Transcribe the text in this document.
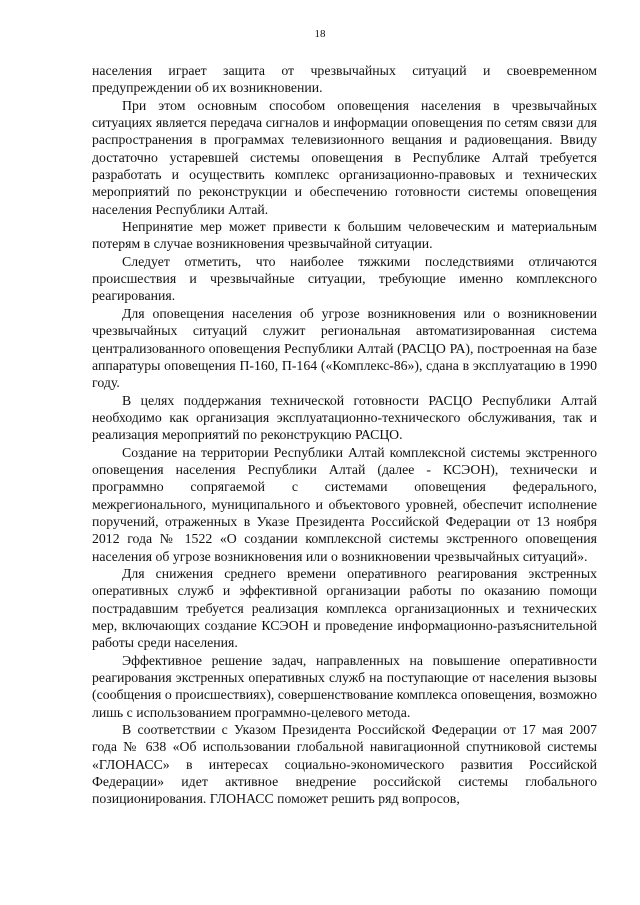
18

населения играет защита от чрезвычайных ситуаций и своевременном предупреждении об их возникновении.

При этом основным способом оповещения населения в чрезвычайных ситуациях является передача сигналов и информации оповещения по сетям связи для распространения в программах телевизионного вещания и радиовещания. Ввиду достаточно устаревшей системы оповещения в Республике Алтай требуется разработать и осуществить комплекс организационно-правовых и технических мероприятий по реконструкции и обеспечению готовности системы оповещения населения Республики Алтай.

Непринятие мер может привести к большим человеческим и материальным потерям в случае возникновения чрезвычайной ситуации.

Следует отметить, что наиболее тяжкими последствиями отличаются происшествия и чрезвычайные ситуации, требующие именно комплексного реагирования.

Для оповещения населения об угрозе возникновения или о возникновении чрезвычайных ситуаций служит региональная автоматизированная система централизованного оповещения Республики Алтай (РАСЦО РА), построенная на базе аппаратуры оповещения П-160, П-164 («Комплекс-86»), сдана в эксплуатацию в 1990 году.

В целях поддержания технической готовности РАСЦО Республики Алтай необходимо как организация эксплуатационно-технического обслуживания, так и реализация мероприятий по реконструкцию РАСЦО.

Создание на территории Республики Алтай комплексной системы экстренного оповещения населения Республики Алтай (далее - КСЭОН), технически и программно сопрягаемой с системами оповещения федерального, межрегионального, муниципального и объектового уровней, обеспечит исполнение поручений, отраженных в Указе Президента Российской Федерации от 13 ноября 2012 года № 1522 «О создании комплексной системы экстренного оповещения населения об угрозе возникновения или о возникновении чрезвычайных ситуаций».

Для снижения среднего времени оперативного реагирования экстренных оперативных служб и эффективной организации работы по оказанию помощи пострадавшим требуется реализация комплекса организационных и технических мер, включающих создание КСЭОН и проведение информационно-разъяснительной работы среди населения.

Эффективное решение задач, направленных на повышение оперативности реагирования экстренных оперативных служб на поступающие от населения вызовы (сообщения о происшествиях), совершенствование комплекса оповещения, возможно лишь с использованием программно-целевого метода.

В соответствии с Указом Президента Российской Федерации от 17 мая 2007 года № 638 «Об использовании глобальной навигационной спутниковой системы «ГЛОНАСС» в интересах социально-экономического развития Российской Федерации» идет активное внедрение российской системы глобального позиционирования. ГЛОНАСС поможет решить ряд вопросов,
